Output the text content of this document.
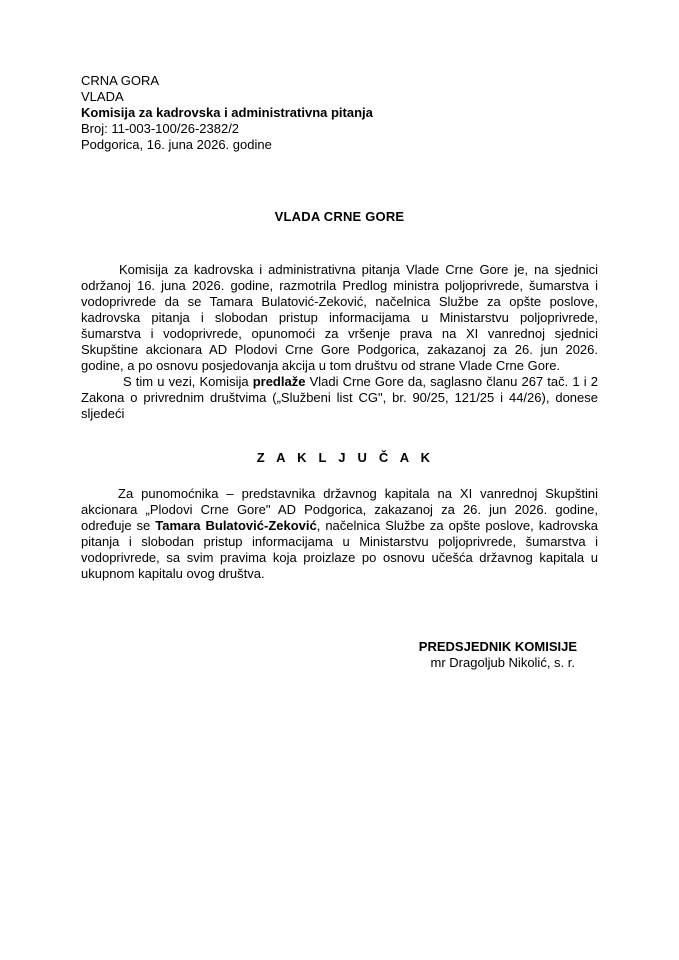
CRNA GORA
VLADA
Komisija za kadrovska i administrativna pitanja
Broj: 11-003-100/26-2382/2
Podgorica, 16. juna 2026. godine
VLADA CRNE GORE

Komisija za kadrovska i administrativna pitanja Vlade Crne Gore je, na sjednici održanoj 16. juna 2026. godine, razmotrila Predlog ministra poljoprivrede, šumarstva i vodoprivrede da se Tamara Bulatović-Zeković, načelnica Službe za opšte poslove, kadrovska pitanja i slobodan pristup informacijama u Ministarstvu poljoprivrede, šumarstva i vodoprivrede, opunomoći za vršenje prava na XI vanrednoj sjednici Skupštine akcionara AD Plodovi Crne Gore Podgorica, zakazanoj za 26. jun 2026. godine, a po osnovu posjedovanja akcija u tom društvu od strane Vlade Crne Gore.

S tim u vezi, Komisija predlaže Vladi Crne Gore da, saglasno članu 267 tač. 1 i 2 Zakona o privrednim društvima („Službeni list CG", br. 90/25, 121/25 i 44/26), donese sljedeći

Z A K L J U Č A K

Za punomoćnika – predstavnika državnog kapitala na XI vanrednoj Skupštini akcionara „Plodovi Crne Gore" AD Podgorica, zakazanoj za 26. jun 2026. godine, određuje se Tamara Bulatović-Zeković, načelnica Službe za opšte poslove, kadrovska pitanja i slobodan pristup informacijama u Ministarstvu poljoprivrede, šumarstva i vodoprivrede, sa svim pravima koja proizlaze po osnovu učešća državnog kapitala u ukupnom kapitalu ovog društva.

PREDSJEDNIK KOMISIJE
mr Dragoljub Nikolić, s. r.
